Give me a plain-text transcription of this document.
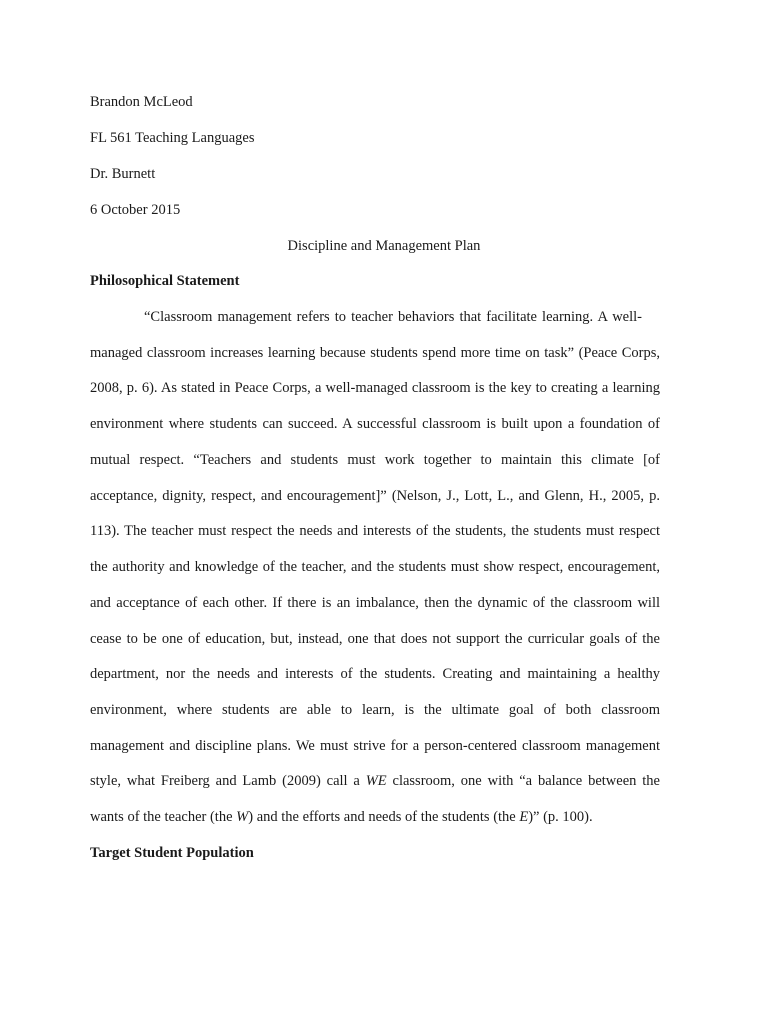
Brandon McLeod
FL 561 Teaching Languages
Dr. Burnett
6 October 2015
Discipline and Management Plan
Philosophical Statement
“Classroom management refers to teacher behaviors that facilitate learning. A well-
managed classroom increases learning because students spend more time on task” (Peace Corps,
2008, p. 6). As stated in Peace Corps, a well-managed classroom is the key to creating a learning
environment where students can succeed. A successful classroom is built upon a foundation of
mutual respect. “Teachers and students must work together to maintain this climate [of
acceptance, dignity, respect, and encouragement]” (Nelson, J., Lott, L., and Glenn, H., 2005, p.
113). The teacher must respect the needs and interests of the students, the students must respect
the authority and knowledge of the teacher, and the students must show respect, encouragement,
and acceptance of each other. If there is an imbalance, then the dynamic of the classroom will
cease to be one of education, but, instead, one that does not support the curricular goals of the
department, nor the needs and interests of the students. Creating and maintaining a healthy
environment, where students are able to learn, is the ultimate goal of both classroom
management and discipline plans. We must strive for a person-centered classroom management
style, what Freiberg and Lamb (2009) call a WE classroom, one with “a balance between the
wants of the teacher (the W) and the efforts and needs of the students (the E)” (p. 100).
Target Student Population
